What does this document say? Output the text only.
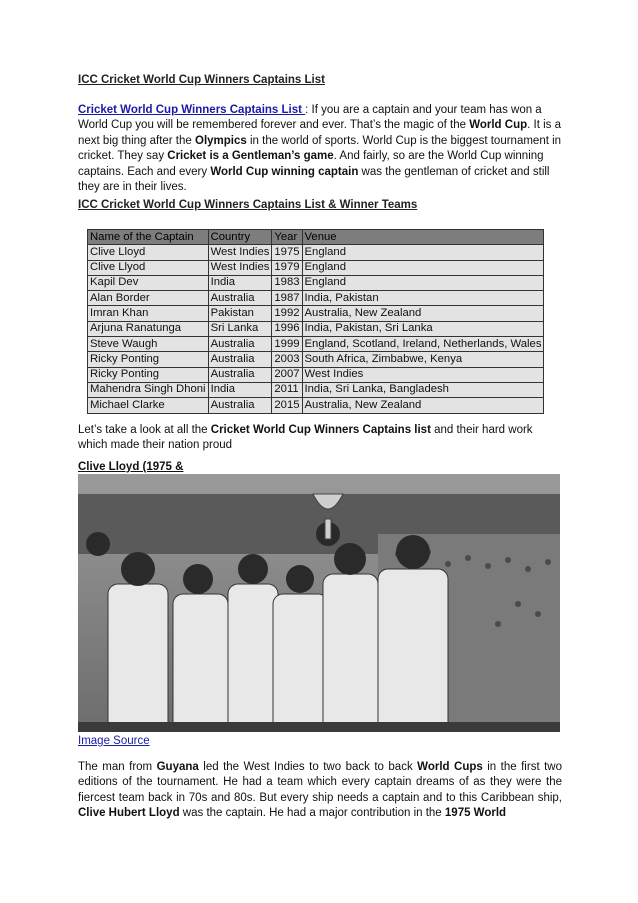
ICC Cricket World Cup Winners Captains List
Cricket World Cup Winners Captains List : If you are a captain and your team has won a World Cup you will be remembered forever and ever. That’s the magic of the World Cup. It is a next big thing after the Olympics in the world of sports. World Cup is the biggest tournament in cricket. They say Cricket is a Gentleman’s game. And fairly, so are the World Cup winning captains. Each and every World Cup winning captain was the gentleman of cricket and still they are in their lives.
ICC Cricket World Cup Winners Captains List & Winner Teams
Name of the Captain	Country	Year	Venue
Clive Lloyd	West Indies	1975	England
Clive Llyod	West Indies	1979	England
Kapil Dev	India	1983	England
Alan Border	Australia	1987	India, Pakistan
Imran Khan	Pakistan	1992	Australia, New Zealand
Arjuna Ranatunga	Sri Lanka	1996	India, Pakistan, Sri Lanka
Steve Waugh	Australia	1999	England, Scotland, Ireland, Netherlands, Wales
Ricky Ponting	Australia	2003	South Africa, Zimbabwe, Kenya
Ricky Ponting	Australia	2007	West Indies
Mahendra Singh Dhoni	India	2011	India, Sri Lanka, Bangladesh
Michael Clarke	Australia	2015	Australia, New Zealand
Let’s take a look at all the Cricket World Cup Winners Captains list and their hard work which made their nation proud
Clive Lloyd (1975 &
Image Source
The man from Guyana led the West Indies to two back to back World Cups in the first two editions of the tournament. He had a team which every captain dreams of as they were the fiercest team back in 70s and 80s. But every ship needs a captain and to this Caribbean ship, Clive Hubert Lloyd was the captain. He had a major contribution in the 1975 World
